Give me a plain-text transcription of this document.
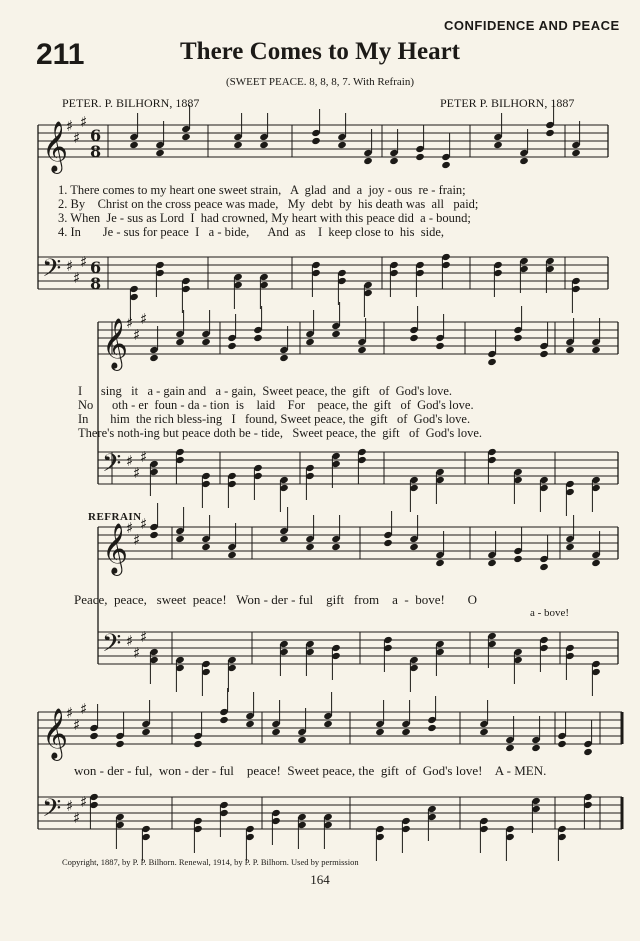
CONFIDENCE AND PEACE
211	There Comes to My Heart
(SWEET PEACE. 8, 8, 8, 7. With Refrain)
PETER. P. BILHORN, 1887	PETER P. BILHORN, 1887
𝄞
♯
♯
♯
6
8
𝄢 ♯
♯
♯ 6
8
𝄞
♯
♯
♯
𝄢 ♯
♯
♯
𝄞
♯
♯
♯
𝄢 ♯
♯
♯
𝄞
♯
♯
♯
𝄢 ♯
♯
♯
1. There comes to my heart one sweet strain,   A  glad  and  a  joy - ous  re - frain;
2. By    Christ on the cross peace was made,   My  debt  by  his death was  all   paid;
3. When  Je - sus as Lord  I  had crowned, My heart with this peace did  a - bound;
4. In       Je - sus for peace  I   a - bide,      And  as    I  keep close to  his  side,
I      sing   it   a - gain and   a - gain,  Sweet peace, the  gift   of  God's love.
No      oth - er  foun - da - tion  is    laid    For    peace, the  gift   of  God's love.
In       him  the rich bless-ing   I   found, Sweet peace, the  gift   of  God's love.
There's noth-ing but peace doth be - tide,   Sweet peace, the  gift   of  God's love.
REFRAIN
Peace,  peace,   sweet  peace!   Won - der - ful    gift   from    a  -  bove!       O
a - bove!
won - der - ful,  won - der - ful    peace!  Sweet peace, the  gift  of  God's love!    A - MEN.
Copyright, 1887, by P. P. Bilhorn. Renewal, 1914, by P. P. Bilhorn. Used by permission
164
